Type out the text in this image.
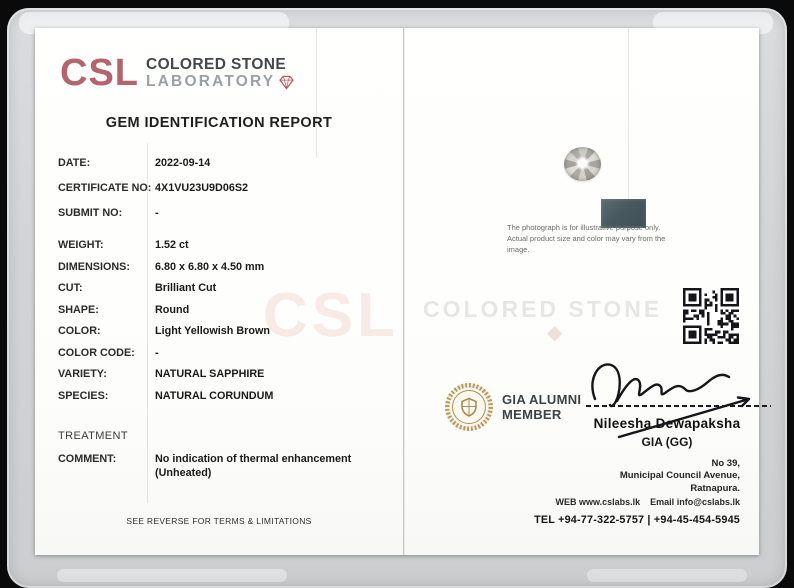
CSL COLORED STONE
◆
CSL COLORED STONE
LABORATORY
GEM IDENTIFICATION REPORT
DATE:	2022-09-14
CERTIFICATE NO: 4X1VU23U9D06S2
SUBMIT NO:	-
WEIGHT:	1.52 ct
DIMENSIONS:	6.80 x 6.80 x 4.50 mm
CUT:	Brilliant Cut
SHAPE:	Round
COLOR:	Light Yellowish Brown
COLOR CODE:	-
VARIETY:	NATURAL SAPPHIRE
SPECIES:	NATURAL CORUNDUM
TREATMENT
COMMENT:	No indication of thermal enhancement
(Unheated)
SEE REVERSE FOR TERMS & LIMITATIONS
The photograph is for illustrative purpose only. Actual product size and color may vary from the image.
GIA ALUMNI
MEMBER
Nileesha Dewapaksha
GIA (GG)
No 39,
Municipal Council Avenue,
Ratnapura.
WEB www.cslabs.lk Email info@cslabs.lk
TEL +94-77-322-5757 | +94-45-454-5945
